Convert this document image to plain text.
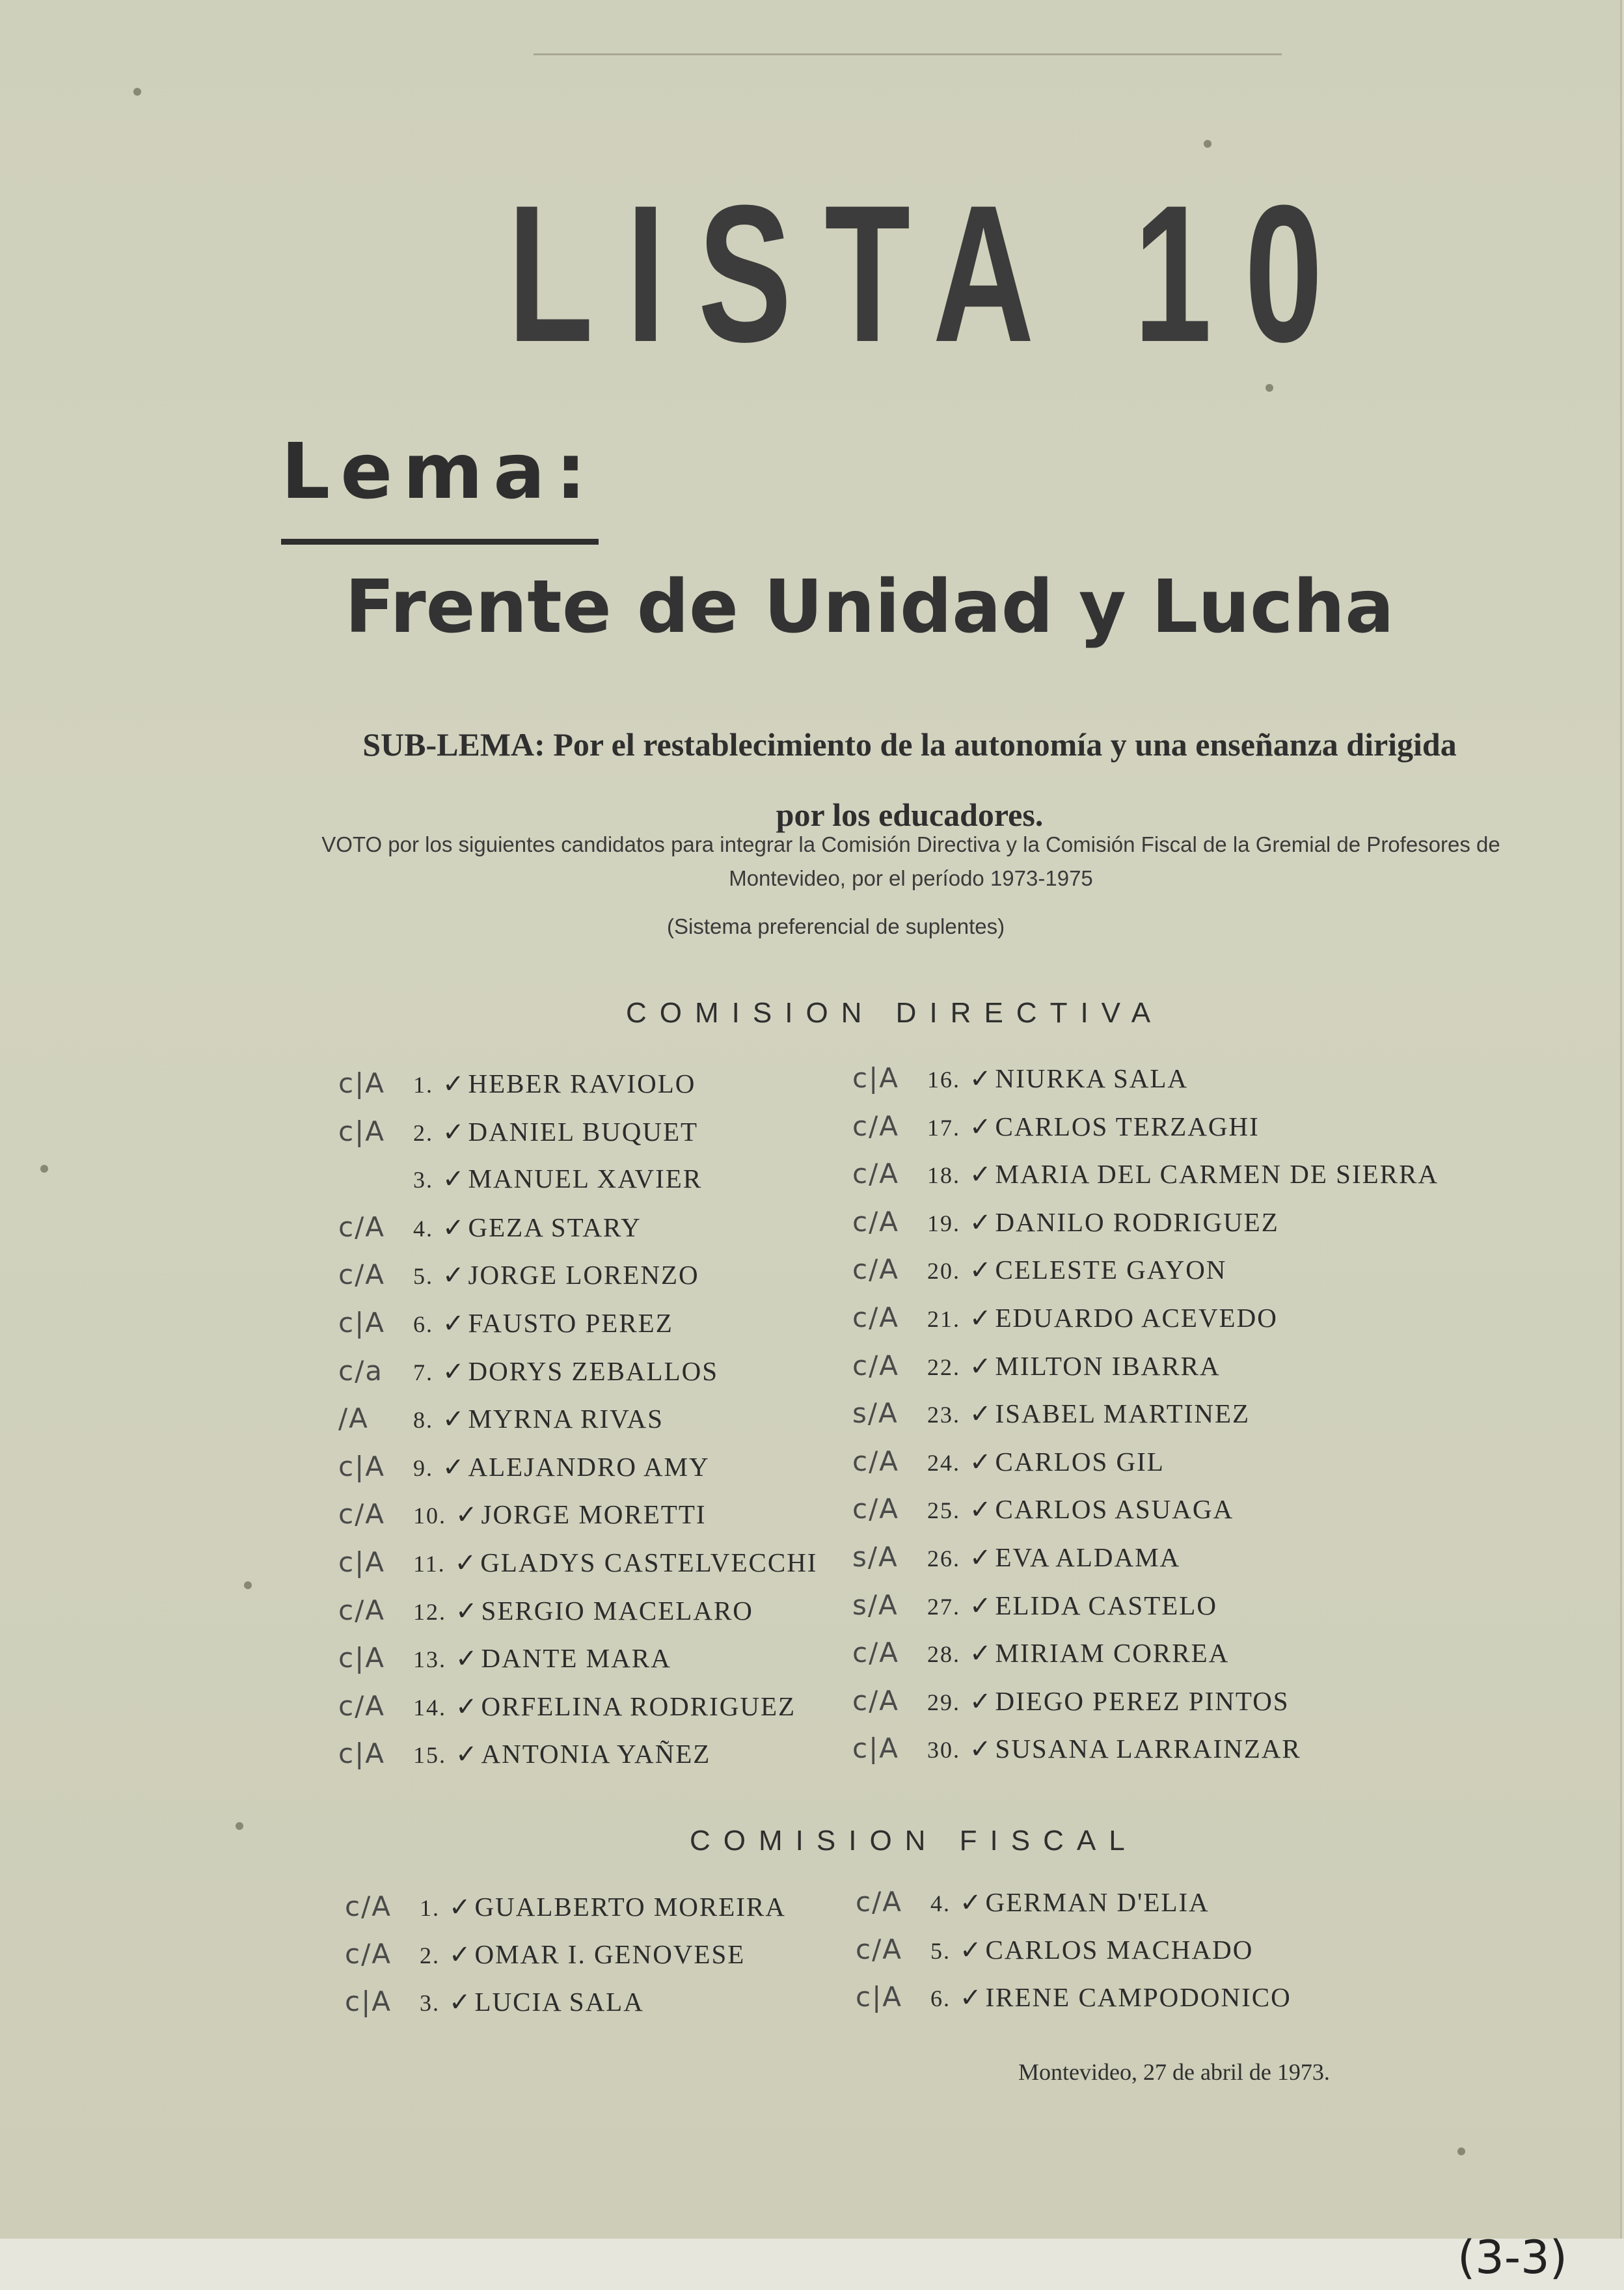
LISTA 10
Lema:
Frente de Unidad y Lucha
SUB-LEMA: Por el restablecimiento de la autonomía y una enseñanza dirigida por los educadores.
VOTO por los siguientes candidatos para integrar la Comisión Directiva y la Comisión Fiscal de la Gremial de Profesores de Montevideo, por el período 1973-1975
(Sistema preferencial de suplentes)
COMISION DIRECTIVA
c|A 1. ✓HEBER RAVIOLO
c|A 2. ✓DANIEL BUQUET
3. ✓MANUEL XAVIER
c/A 4. ✓GEZA STARY
c/A 5. ✓JORGE LORENZO
c|A 6. ✓FAUSTO PEREZ
c/a 7. ✓DORYS ZEBALLOS
/A 8. ✓MYRNA RIVAS
c|A 9. ✓ALEJANDRO AMY
c/A 10. ✓JORGE MORETTI
c|A 11. ✓GLADYS CASTELVECCHI
c/A 12. ✓SERGIO MACELARO
c|A 13. ✓DANTE MARA
c/A 14. ✓ORFELINA RODRIGUEZ
c|A 15. ✓ANTONIA YAÑEZ
c|A 16. ✓NIURKA SALA
c/A 17. ✓CARLOS TERZAGHI
c/A 18. ✓MARIA DEL CARMEN DE SIERRA
c/A 19. ✓DANILO RODRIGUEZ
c/A 20. ✓CELESTE GAYON
c/A 21. ✓EDUARDO ACEVEDO
c/A 22. ✓MILTON IBARRA
s/A 23. ✓ISABEL MARTINEZ
c/A 24. ✓CARLOS GIL
c/A 25. ✓CARLOS ASUAGA
s/A 26. ✓EVA ALDAMA
s/A 27. ✓ELIDA CASTELO
c/A 28. ✓MIRIAM CORREA
c/A 29. ✓DIEGO PEREZ PINTOS
c|A 30. ✓SUSANA LARRAINZAR
COMISION FISCAL
c/A 1. ✓GUALBERTO MOREIRA
c/A 2. ✓OMAR I. GENOVESE
c|A 3. ✓LUCIA SALA
c/A 4. ✓GERMAN D'ELIA
c/A 5. ✓CARLOS MACHADO
c|A 6. ✓IRENE CAMPODONICO
Montevideo, 27 de abril de 1973.
(3-3)
